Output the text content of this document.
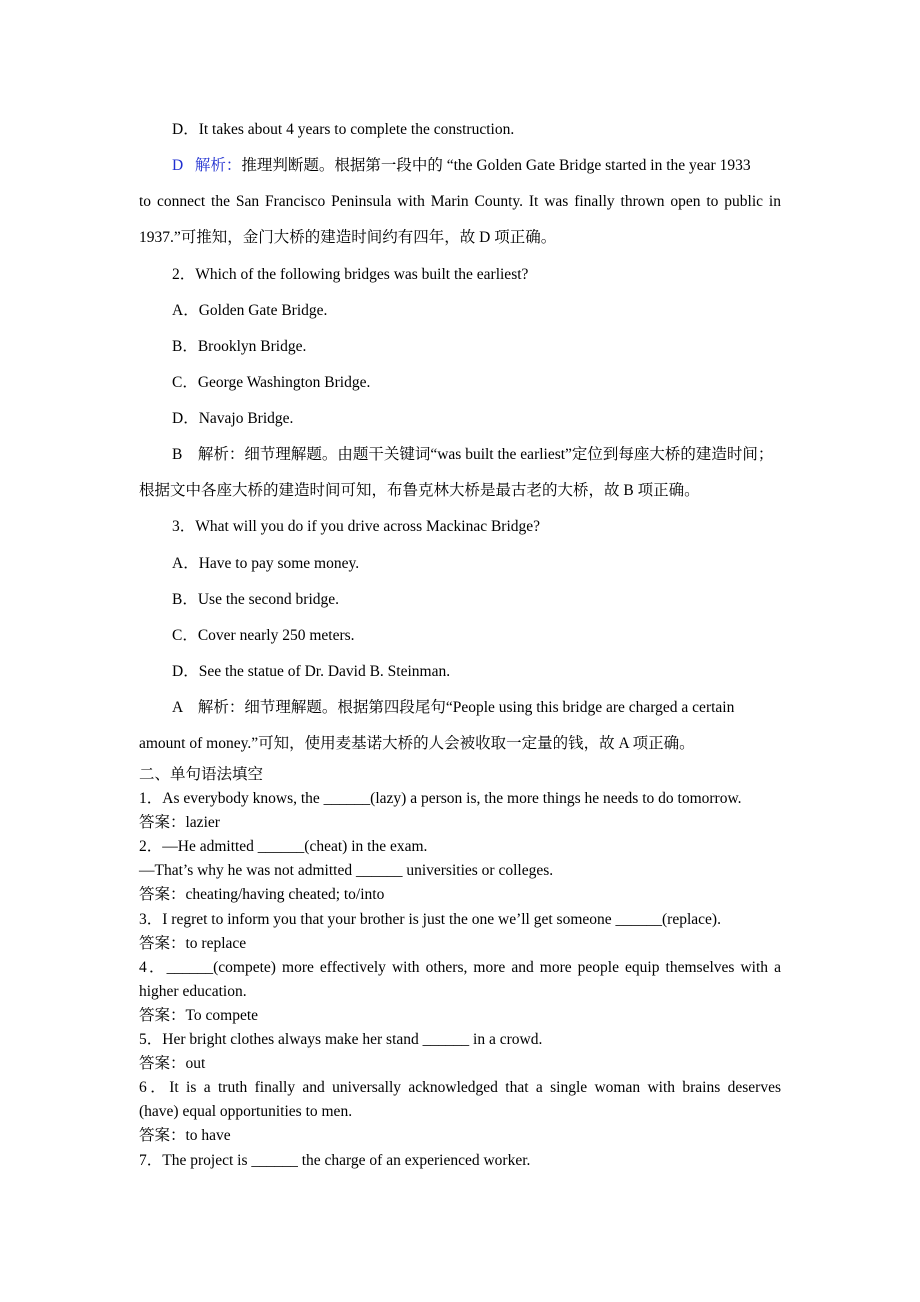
D．It takes about 4 years to complete the construction.
D 解析：推理判断题。根据第一段中的 “the Golden Gate Bridge started in the year 1933
to connect the San Francisco Peninsula with Marin County. It was finally thrown open to public in
1937.”可推知，金门大桥的建造时间约有四年，故 D 项正确。
2．Which of the following bridges was built the earliest?
A．Golden Gate Bridge.
B．Brooklyn Bridge.
C．George Washington Bridge.
D．Navajo Bridge.
B　解析：细节理解题。由题干关键词“was built the earliest”定位到每座大桥的建造时间；
根据文中各座大桥的建造时间可知，布鲁克林大桥是最古老的大桥，故 B 项正确。
3．What will you do if you drive across Mackinac Bridge?
A．Have to pay some money.
B．Use the second bridge.
C．Cover nearly 250 meters.
D．See the statue of Dr. David B. Steinman.
A　解析：细节理解题。根据第四段尾句“People using this bridge are charged a certain
amount of money.”可知，使用麦基诺大桥的人会被收取一定量的钱，故 A 项正确。
二、单句语法填空
1．As everybody knows, the ______(lazy) a person is, the more things he needs to do tomorrow.
答案：lazier
2．—He admitted ______(cheat) in the exam.
—That’s why he was not admitted ______ universities or colleges.
答案：cheating/having cheated; to/into
3．I regret to inform you that your brother is just the one we’ll get someone ______(replace).
答案：to replace
4．______(compete) more effectively with others, more and more people equip themselves with a
higher education.
答案：To compete
5．Her bright clothes always make her stand ______ in a crowd.
答案：out
6．It is a truth finally and universally acknowledged that a single woman with brains deserves
(have) equal opportunities to men.
答案：to have
7．The project is ______ the charge of an experienced worker.
